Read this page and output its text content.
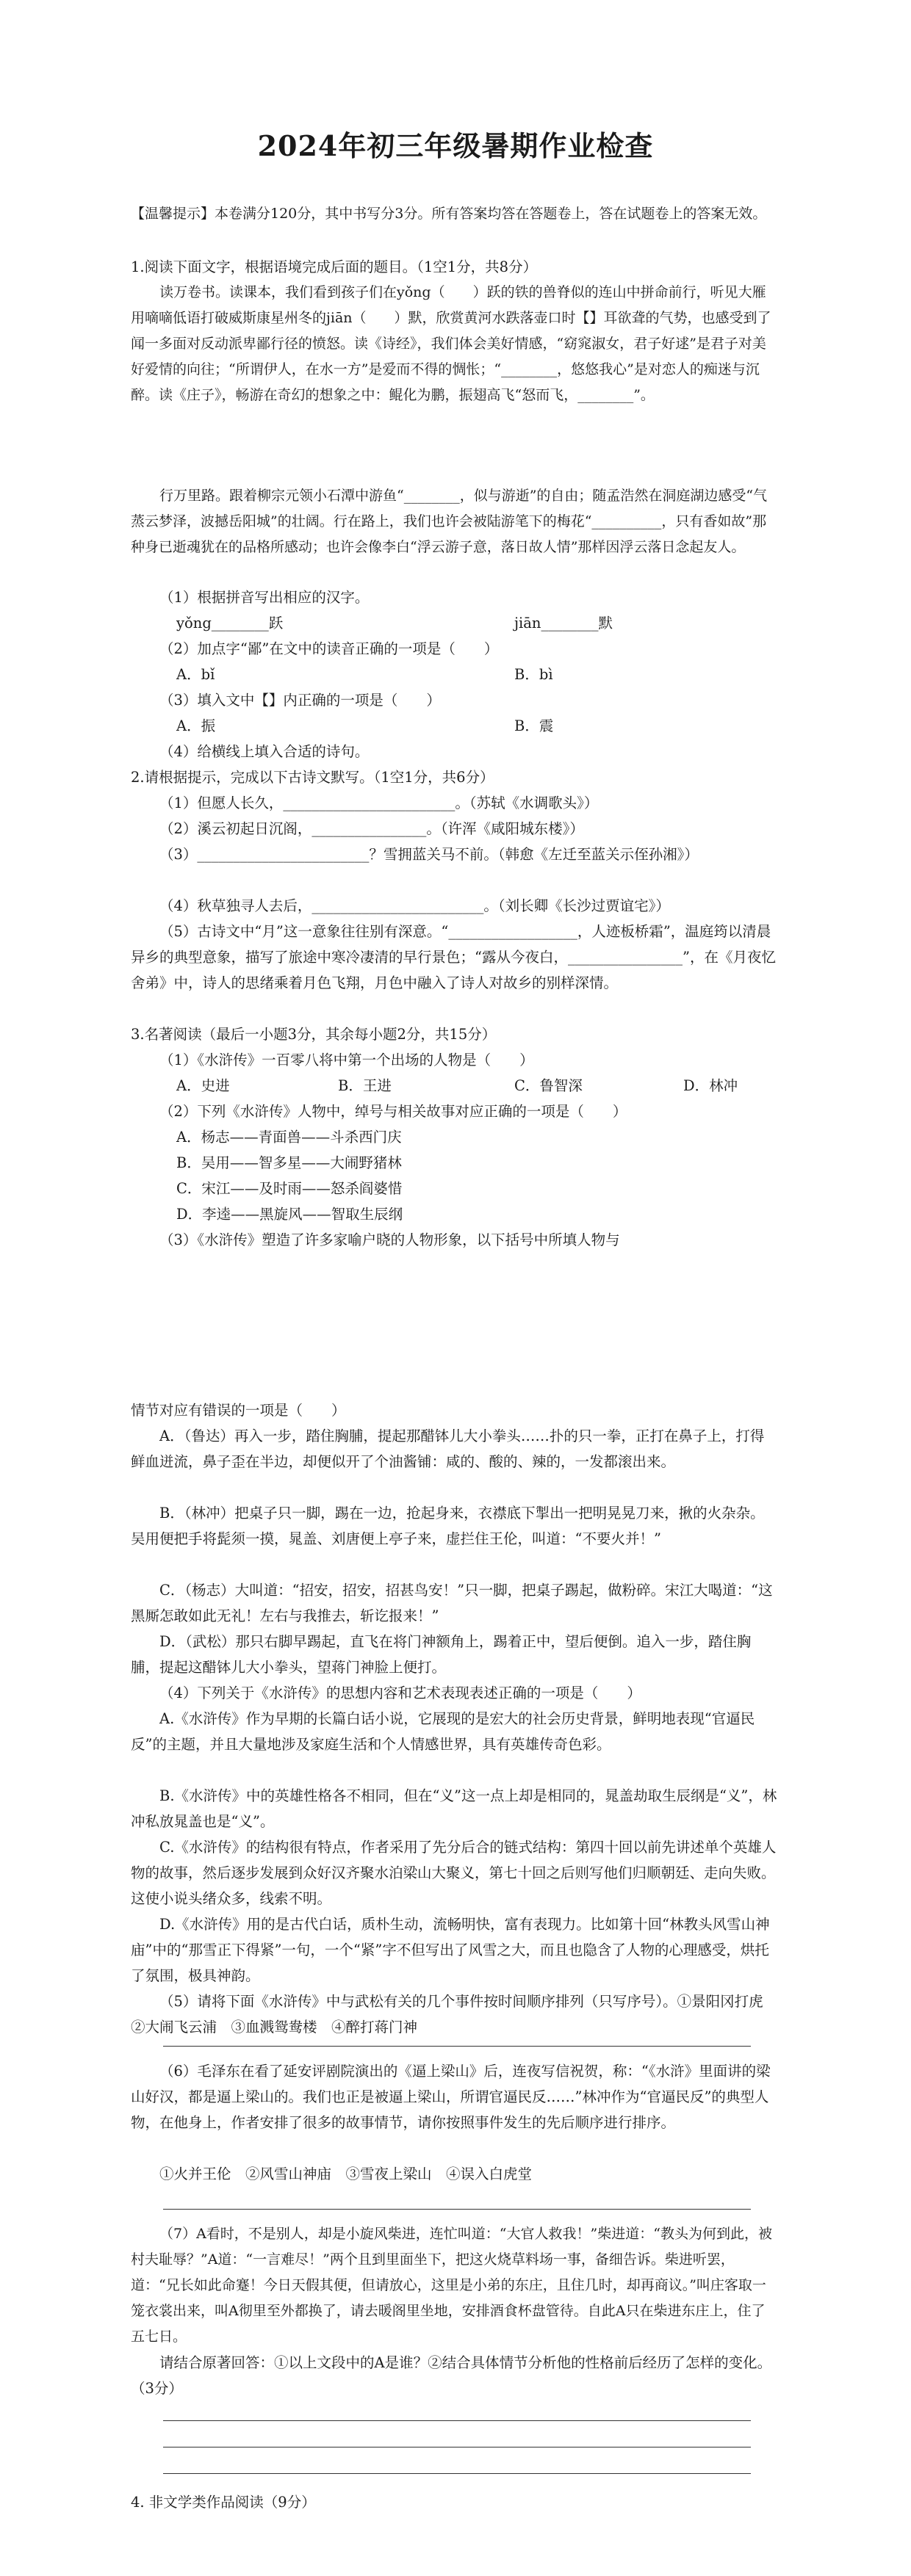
2024年初三年级暑期作业检查

【温馨提示】本卷满分120分，其中书写分3分。所有答案均答在答题卷上，答在试题卷上的答案无效。

1.阅读下面文字，根据语境完成后面的题目。（1空1分，共8分）

读万卷书。读课本，我们看到孩子们在yǒng（　　）跃的铁的兽脊似的连山中拼命前行，听见大雁用嘀嘀低语打破威斯康星州冬的jiān（　　）默，欣赏黄河水跌落壶口时【】耳欲聋的气势，也感受到了闻一多面对反动派卑鄙行径的愤怒。读《诗经》，我们体会美好情感，“窈窕淑女，君子好逑”是君子对美好爱情的向往；“所谓伊人，在水一方”是爱而不得的惆怅；“________，悠悠我心”是对恋人的痴迷与沉醉。读《庄子》，畅游在奇幻的想象之中：鲲化为鹏，振翅高飞“怒而飞，________”。

行万里路。跟着柳宗元领小石潭中游鱼“________，似与游逝”的自由；随孟浩然在洞庭湖边感受“气蒸云梦泽，波撼岳阳城”的壮阔。行在路上，我们也许会被陆游笔下的梅花“__________，只有香如故”那种身已逝魂犹在的品格所感动；也许会像李白“浮云游子意，落日故人情”那样因浮云落日念起友人。

（1）根据拼音写出相应的汉字。

yǒng________跃	jiān________默

（2）加点字“鄙”在文中的读音正确的一项是（　　）

A．bǐ	B．bì

（3）填入文中【】内正确的一项是（　　）

A．振	B．震

（4）给横线上填入合适的诗句。

2.请根据提示，完成以下古诗文默写。（1空1分，共6分）

（1）但愿人长久，________________________。（苏轼《水调歌头》）

（2）溪云初起日沉阁，________________。（许浑《咸阳城东楼》）

（3）________________________？雪拥蓝关马不前。（韩愈《左迁至蓝关示侄孙湘》）

（4）秋草独寻人去后，________________________。（刘长卿《长沙过贾谊宅》）

（5）古诗文中“月”这一意象往往别有深意。“__________________，人迹板桥霜”，温庭筠以清晨异乡的典型意象，描写了旅途中寒冷凄清的早行景色；“露从今夜白，________________”，在《月夜忆舍弟》中，诗人的思绪乘着月色飞翔，月色中融入了诗人对故乡的别样深情。

3.名著阅读（最后一小题3分，其余每小题2分，共15分）

（1）《水浒传》一百零八将中第一个出场的人物是（　　）

A．史进	B．王进	C．鲁智深	D．林冲

（2）下列《水浒传》人物中，绰号与相关故事对应正确的一项是（　　）

A．杨志——青面兽——斗杀西门庆
B．吴用——智多星——大闹野猪林
C．宋江——及时雨——怒杀阎婆惜
D．李逵——黑旋风——智取生辰纲

（3）《水浒传》塑造了许多家喻户晓的人物形象，以下括号中所填人物与

情节对应有错误的一项是（　　）

A．（鲁达）再入一步，踏住胸脯，提起那醋钵儿大小拳头……扑的只一拳，正打在鼻子上，打得鲜血迸流，鼻子歪在半边，却便似开了个油酱铺：咸的、酸的、辣的，一发都滚出来。

B．（林冲）把桌子只一脚，踢在一边，抢起身来，衣襟底下掣出一把明晃晃刀来，揪的火杂杂。吴用便把手将髭须一摸，晁盖、刘唐便上亭子来，虚拦住王伦，叫道：“不要火并！”

C．（杨志）大叫道：“招安，招安，招甚鸟安！”只一脚，把桌子踢起，做粉碎。宋江大喝道：“这黑厮怎敢如此无礼！左右与我推去，斩讫报来！”

D．（武松）那只右脚早踢起，直飞在将门神额角上，踢着正中，望后便倒。追入一步，踏住胸脯，提起这醋钵儿大小拳头，望蒋门神脸上便打。

（4）下列关于《水浒传》的思想内容和艺术表现表述正确的一项是（　　）

A.《水浒传》作为早期的长篇白话小说，它展现的是宏大的社会历史背景，鲜明地表现“官逼民反”的主题，并且大量地涉及家庭生活和个人情感世界，具有英雄传奇色彩。

B.《水浒传》中的英雄性格各不相同，但在“义”这一点上却是相同的，晁盖劫取生辰纲是“义”，林冲私放晁盖也是“义”。

C.《水浒传》的结构很有特点，作者采用了先分后合的链式结构：第四十回以前先讲述单个英雄人物的故事，然后逐步发展到众好汉齐聚水泊梁山大聚义，第七十回之后则写他们归顺朝廷、走向失败。这使小说头绪众多，线索不明。

D.《水浒传》用的是古代白话，质朴生动，流畅明快，富有表现力。比如第十回“林教头风雪山神庙”中的“那雪正下得紧”一句，一个“紧”字不但写出了风雪之大，而且也隐含了人物的心理感受，烘托了氛围，极具神韵。

（5）请将下面《水浒传》中与武松有关的几个事件按时间顺序排列（只写序号）。①景阳冈打虎　②大闹飞云浦　③血溅鸳鸯楼　④醉打蒋门神

（6）毛泽东在看了延安评剧院演出的《逼上梁山》后，连夜写信祝贺，称：“《水浒》里面讲的梁山好汉，都是逼上梁山的。我们也正是被逼上梁山，所谓官逼民反……”林冲作为“官逼民反”的典型人物，在他身上，作者安排了很多的故事情节，请你按照事件发生的先后顺序进行排序。

①火并王伦　②风雪山神庙　③雪夜上梁山　④误入白虎堂

（7）A看时，不是别人，却是小旋风柴进，连忙叫道：“大官人救我！”柴进道：“教头为何到此，被村夫耻辱？”A道：“一言难尽！”两个且到里面坐下，把这火烧草料场一事，备细告诉。柴进听罢，道：“兄长如此命蹇！今日天假其便，但请放心，这里是小弟的东庄，且住几时，却再商议。”叫庄客取一笼衣裳出来，叫A彻里至外都换了，请去暖阁里坐地，安排酒食杯盘管待。自此A只在柴进东庄上，住了五七日。

请结合原著回答：①以上文段中的A是谁？②结合具体情节分析他的性格前后经历了怎样的变化。（3分）

4. 非文学类作品阅读（9分）
